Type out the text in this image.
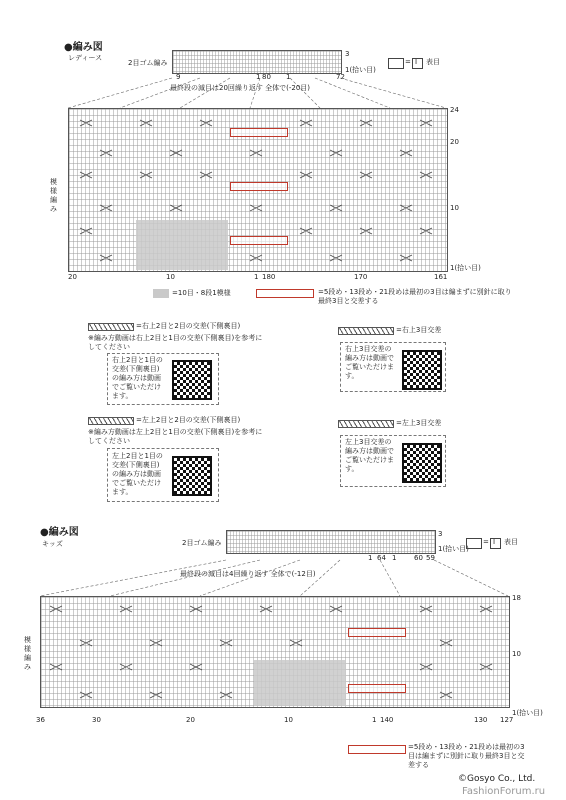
●編み図
レディース
2目ゴム編み
3
1(拾い目)
9	1 80 1	72
= I 表目
最終段の減目は20回繰り返す 全体で(-20目)
24
20
10
1(拾い目)
模様編み
20	10	1 180	170	161
=10目・8段1模様	=5段め・13段め・21段めは最初の3目は編まずに別針に取り最終3目と交差する
=右上2目と2目の交差(下側裏目)
※編み方動画は右上2目と1目の交差(下側裏目)を参考にしてください
右上2目と1目の交差(下側裏目)の編み方は動画でご覧いただけます。
=右上3目交差
右上3目交差の編み方は動画でご覧いただけます。
=左上2目と2目の交差(下側裏目)
※編み方動画は左上2目と1目の交差(下側裏目)を参考にしてください
左上2目と1目の交差(下側裏目)の編み方は動画でご覧いただけます。
=左上3目交差
左上3目交差の編み方は動画でご覧いただけます。
●編み図
キッズ	2目ゴム編み
3
1(拾い目)
1 64 1	60 59
= I 表目
最終段の減目は4回繰り返す 全体で(-12目)
18
10
1(拾い目)
模様編み
36	30	20	10	1 140	130 127
=5段め・13段め・21段めは最初の3目は編まずに別針に取り最終3目と交差する
©Gosyo Co., Ltd.
FashionForum.ru
